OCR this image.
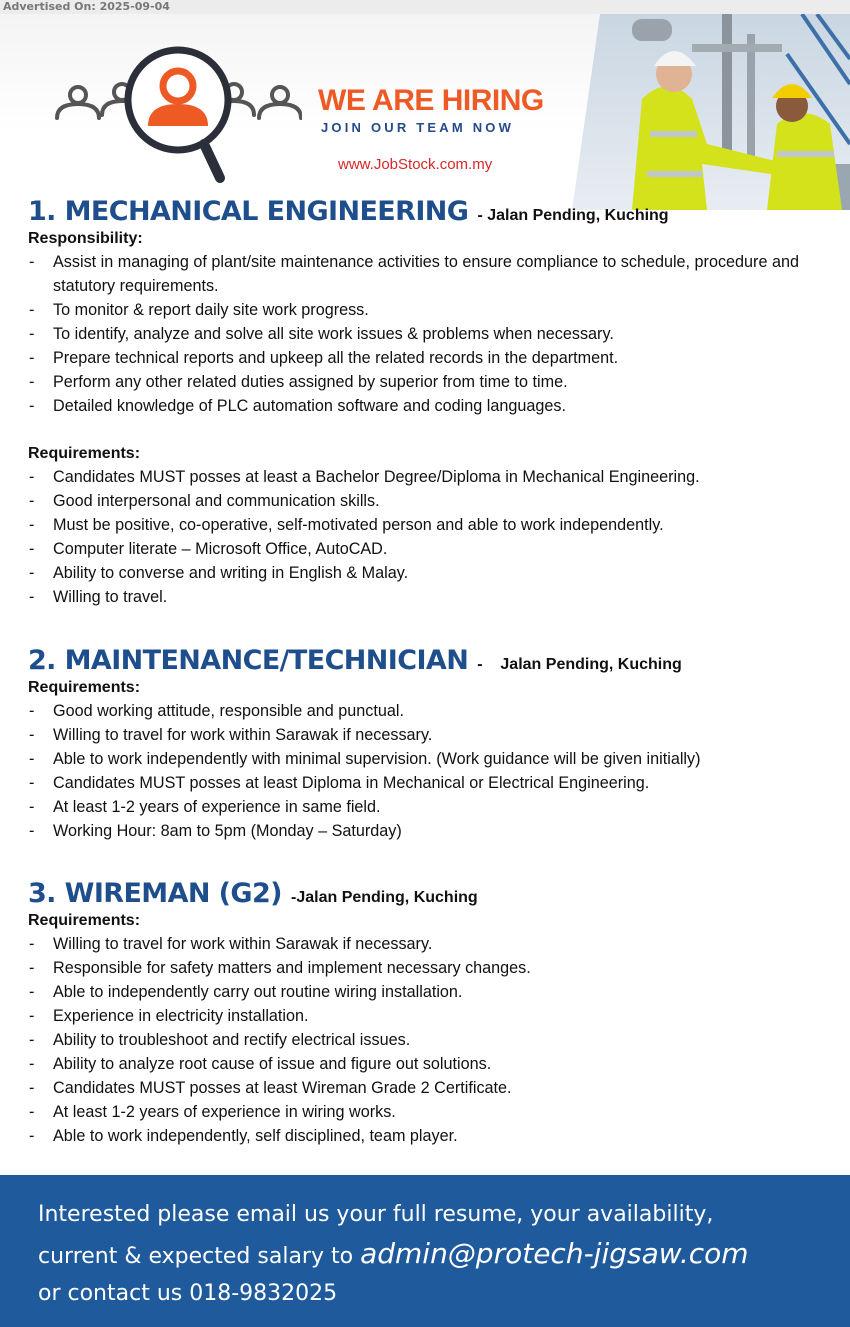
Advertised On: 2025-09-04
WE ARE HIRING
JOIN OUR TEAM NOW
www.JobStock.com.my
1. MECHANICAL ENGINEERING - Jalan Pending, Kuching
Responsibility:
- Assist in managing of plant/site maintenance activities to ensure compliance to schedule, procedure and statutory requirements.
- To monitor & report daily site work progress.
- To identify, analyze and solve all site work issues & problems when necessary.
- Prepare technical reports and upkeep all the related records in the department.
- Perform any other related duties assigned by superior from time to time.
- Detailed knowledge of PLC automation software and coding languages.
Requirements:
- Candidates MUST posses at least a Bachelor Degree/Diploma in Mechanical Engineering.
- Good interpersonal and communication skills.
- Must be positive, co-operative, self-motivated person and able to work independently.
- Computer literate – Microsoft Office, AutoCAD.
- Ability to converse and writing in English & Malay.
- Willing to travel.
2. MAINTENANCE/TECHNICIAN -    Jalan Pending, Kuching
Requirements:
- Good working attitude, responsible and punctual.
- Willing to travel for work within Sarawak if necessary.
- Able to work independently with minimal supervision. (Work guidance will be given initially)
- Candidates MUST posses at least Diploma in Mechanical or Electrical Engineering.
- At least 1-2 years of experience in same field.
- Working Hour: 8am to 5pm (Monday – Saturday)
3. WIREMAN (G2) -Jalan Pending, Kuching
Requirements:
- Willing to travel for work within Sarawak if necessary.
- Responsible for safety matters and implement necessary changes.
- Able to independently carry out routine wiring installation.
- Experience in electricity installation.
- Ability to troubleshoot and rectify electrical issues.
- Ability to analyze root cause of issue and figure out solutions.
- Candidates MUST posses at least Wireman Grade 2 Certificate.
- At least 1-2 years of experience in wiring works.
- Able to work independently, self disciplined, team player.
Interested please email us your full resume, your availability,
current & expected salary to admin@protech-jigsaw.com
or contact us 018-9832025
